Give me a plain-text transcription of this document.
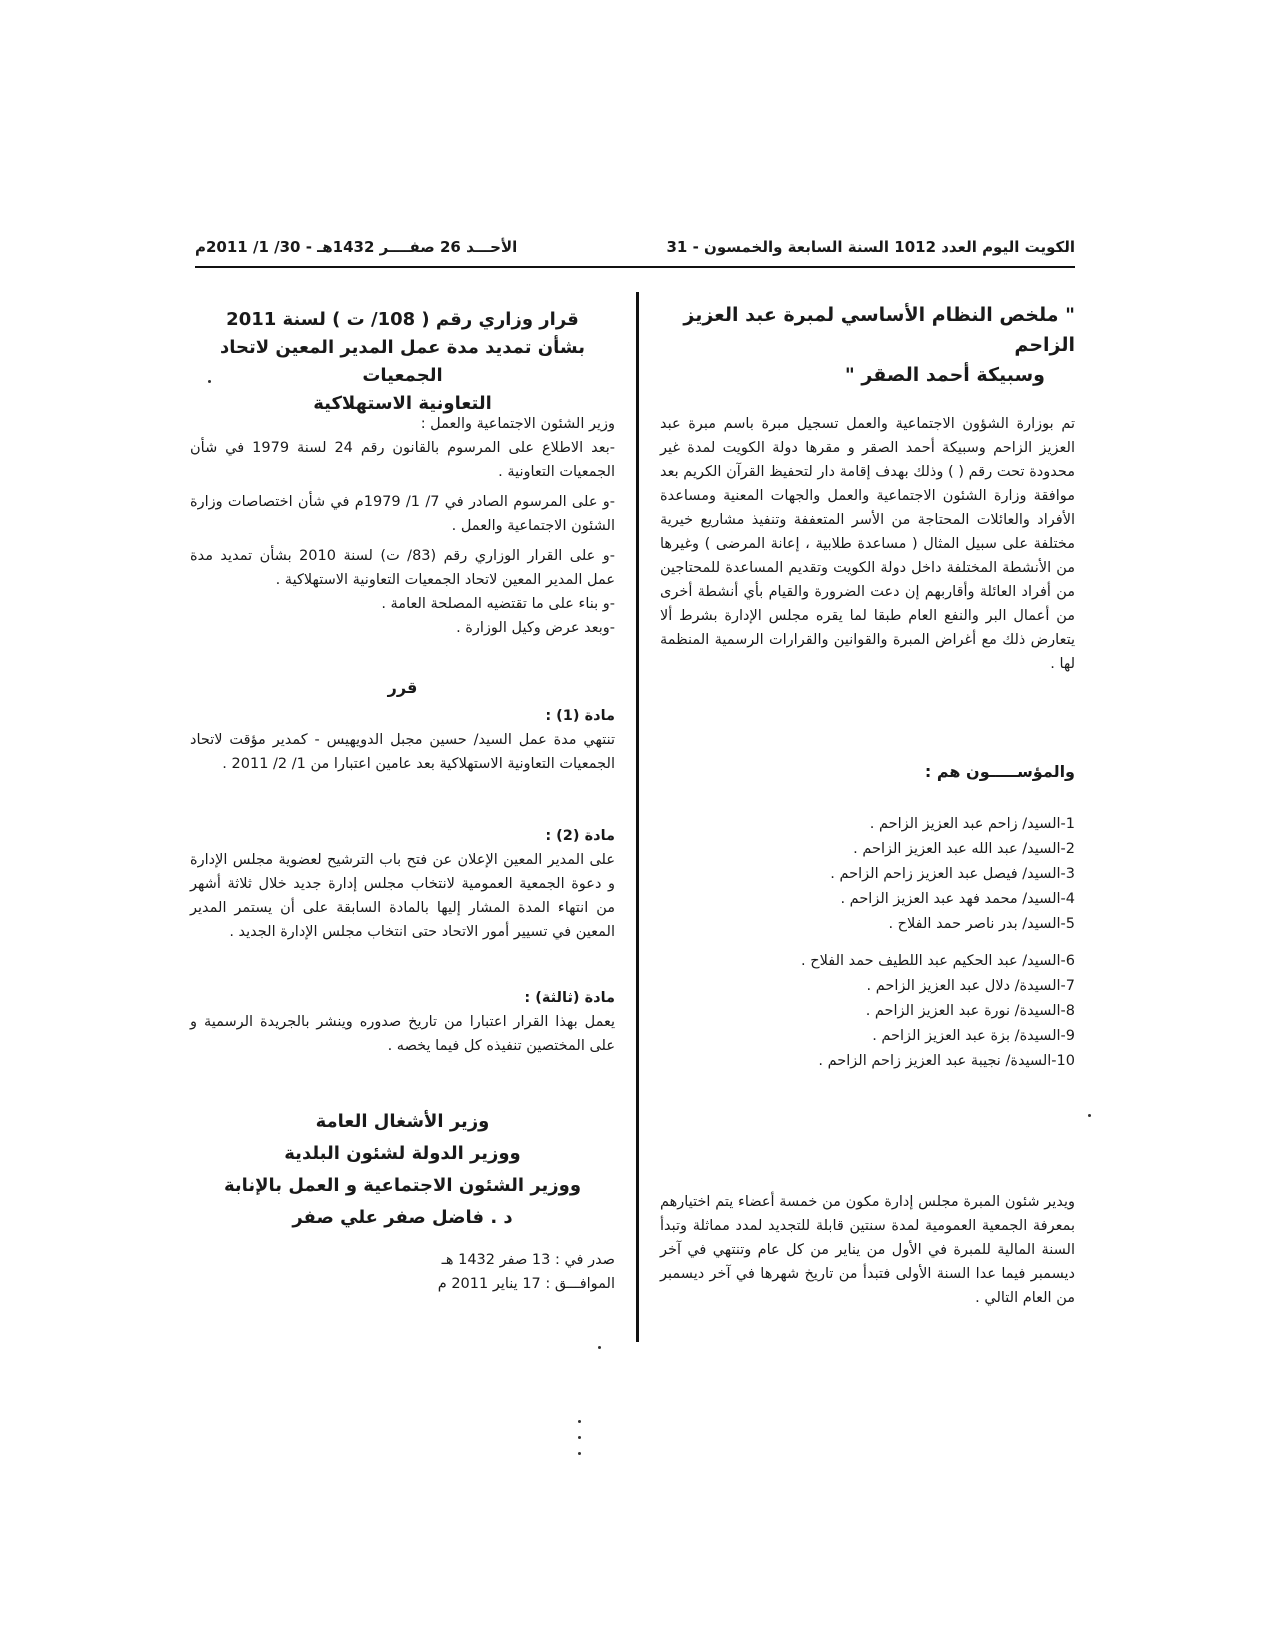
الكويت اليوم العدد 1012 السنة السابعة والخمسون - 31
الأحـــد 26 صفــــر 1432هـ - 30/ 1/ 2011م

" ملخص النظام الأساسي لمبرة عبد العزيز الزاحم

وسبيكة أحمد الصقر "

تم بوزارة الشؤون الاجتماعية والعمل تسجيل مبرة باسم مبرة عبد العزيز الزاحم وسبيكة أحمد الصقر و مقرها دولة الكويت لمدة غير محدودة تحت رقم ( ) وذلك بهدف إقامة دار لتحفيظ القرآن الكريم بعد موافقة وزارة الشئون الاجتماعية والعمل والجهات المعنية ومساعدة الأفراد والعائلات المحتاجة من الأسر المتعففة وتنفيذ مشاريع خيرية مختلفة على سبيل المثال ( مساعدة طلابية ، إعانة المرضى ) وغيرها من الأنشطة المختلفة داخل دولة الكويت وتقديم المساعدة للمحتاجين من أفراد العائلة وأقاربهم إن دعت الضرورة والقيام بأي أنشطة أخرى من أعمال البر والنفع العام طبقا لما يقره مجلس الإدارة بشرط ألا يتعارض ذلك مع أغراض المبرة والقوانين والقرارات الرسمية المنظمة لها .

والمؤســـــون هم :

1-السيد/ زاحم عبد العزيز الزاحم .
2-السيد/ عبد الله عبد العزيز الزاحم .
3-السيد/ فيصل عبد العزيز زاحم الزاحم .
4-السيد/ محمد فهد عبد العزيز الزاحم .
5-السيد/ بدر ناصر حمد الفلاح .
6-السيد/ عبد الحكيم عبد اللطيف حمد الفلاح .
7-السيدة/ دلال عبد العزيز الزاحم .
8-السيدة/ نورة عبد العزيز الزاحم .
9-السيدة/ بزة عبد العزيز الزاحم .
10-السيدة/ نجيبة عبد العزيز زاحم الزاحم .

ويدير شئون المبرة مجلس إدارة مكون من خمسة أعضاء يتم اختيارهم بمعرفة الجمعية العمومية لمدة سنتين قابلة للتجديد لمدد مماثلة وتبدأ السنة المالية للمبرة في الأول من يناير من كل عام وتنتهي في آخر ديسمبر فيما عدا السنة الأولى فتبدأ من تاريخ شهرها في آخر ديسمبر من العام التالي .

قرار وزاري رقم ( 108/ ت ) لسنة 2011

بشأن تمديد مدة عمل المدير المعين لاتحاد الجمعيات

التعاونية الاستهلاكية

وزير الشئون الاجتماعية والعمل :

-بعد الاطلاع على المرسوم بالقانون رقم 24 لسنة 1979 في شأن الجمعيات التعاونية .

-و على المرسوم الصادر في 7/ 1/ 1979م في شأن اختصاصات وزارة الشئون الاجتماعية والعمل .

-و على القرار الوزاري رقم (83/ ت) لسنة 2010 بشأن تمديد مدة عمل المدير المعين لاتحاد الجمعيات التعاونية الاستهلاكية .

-و بناء على ما تقتضيه المصلحة العامة .

-وبعد عرض وكيل الوزارة .

قرر

مادة (1) :

تنتهي مدة عمل السيد/ حسين مجبل الدويهيس - كمدير مؤقت لاتحاد الجمعيات التعاونية الاستهلاكية بعد عامين اعتبارا من 1/ 2/ 2011 .

مادة (2) :

على المدير المعين الإعلان عن فتح باب الترشيح لعضوية مجلس الإدارة و دعوة الجمعية العمومية لانتخاب مجلس إدارة جديد خلال ثلاثة أشهر من انتهاء المدة المشار إليها بالمادة السابقة على أن يستمر المدير المعين في تسيير أمور الاتحاد حتى انتخاب مجلس الإدارة الجديد .

مادة (ثالثة) :

يعمل بهذا القرار اعتبارا من تاريخ صدوره وينشر بالجريدة الرسمية و على المختصين تنفيذه كل فيما يخصه .

وزير الأشغال العامة

ووزير الدولة لشئون البلدية

ووزير الشئون الاجتماعية و العمل بالإنابة

د . فاضل صفر علي صفر

صدر في : 13 صفر 1432 هـ

الموافـــق : 17 يناير 2011 م
